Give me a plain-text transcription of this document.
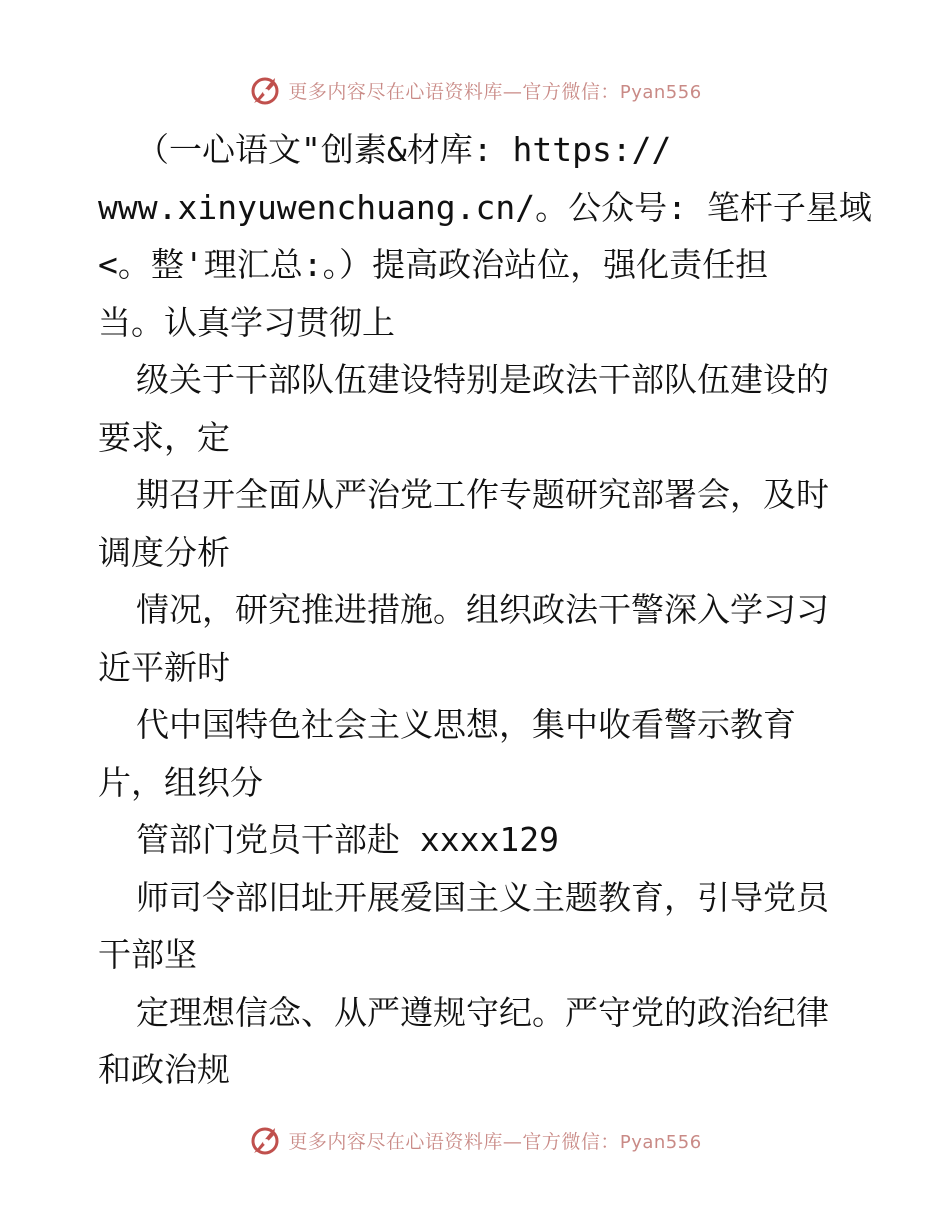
更多内容尽在心语资料库—官方微信：Pyan556

（一心语文"创素&材库: https://

www.xinyuwenchuang.cn/。公众号: 笔杆子星域

<。整'理汇总:。）提高政治站位，强化责任担

当。认真学习贯彻上

级关于干部队伍建设特别是政法干部队伍建设的

要求，定

期召开全面从严治党工作专题研究部署会，及时

调度分析

情况，研究推进措施。组织政法干警深入学习习

近平新时

代中国特色社会主义思想，集中收看警示教育

片，组织分

管部门党员干部赴 xxxx129

师司令部旧址开展爱国主义主题教育，引导党员

干部坚

定理想信念、从严遵规守纪。严守党的政治纪律

和政治规

更多内容尽在心语资料库—官方微信：Pyan556
